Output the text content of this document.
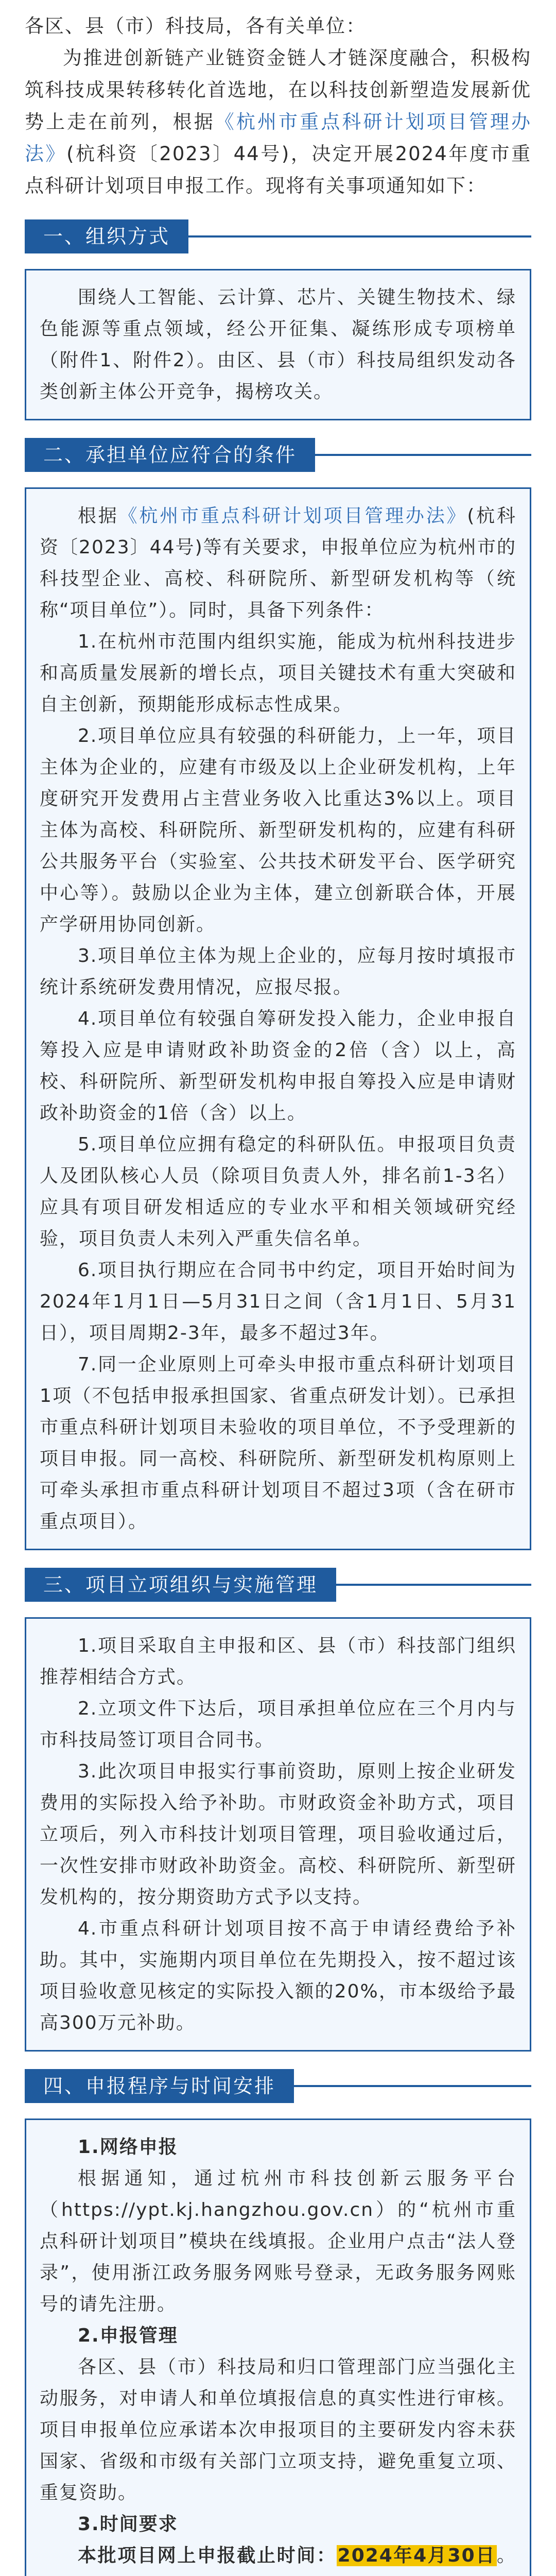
各区、县（市）科技局，各有关单位：

为推进创新链产业链资金链人才链深度融合，积极构筑科技成果转移转化首选地，在以科技创新塑造发展新优势上走在前列，根据《杭州市重点科研计划项目管理办法》(杭科资〔2023〕44号)，决定开展2024年度市重点科研计划项目申报工作。现将有关事项通知如下：

一、组织方式

围绕人工智能、云计算、芯片、关键生物技术、绿色能源等重点领域，经公开征集、凝练形成专项榜单（附件1、附件2）。由区、县（市）科技局组织发动各类创新主体公开竞争，揭榜攻关。

二、承担单位应符合的条件

根据《杭州市重点科研计划项目管理办法》(杭科资〔2023〕44号)等有关要求，申报单位应为杭州市的科技型企业、高校、科研院所、新型研发机构等（统称“项目单位”）。同时，具备下列条件：

1.在杭州市范围内组织实施，能成为杭州科技进步和高质量发展新的增长点，项目关键技术有重大突破和自主创新，预期能形成标志性成果。

2.项目单位应具有较强的科研能力，上一年，项目主体为企业的，应建有市级及以上企业研发机构，上年度研究开发费用占主营业务收入比重达3%以上。项目主体为高校、科研院所、新型研发机构的，应建有科研公共服务平台（实验室、公共技术研发平台、医学研究中心等）。鼓励以企业为主体，建立创新联合体，开展产学研用协同创新。

3.项目单位主体为规上企业的，应每月按时填报市统计系统研发费用情况，应报尽报。

4.项目单位有较强自筹研发投入能力，企业申报自筹投入应是申请财政补助资金的2倍（含）以上，高校、科研院所、新型研发机构申报自筹投入应是申请财政补助资金的1倍（含）以上。

5.项目单位应拥有稳定的科研队伍。申报项目负责人及团队核心人员（除项目负责人外，排名前1-3名）应具有项目研发相适应的专业水平和相关领域研究经验，项目负责人未列入严重失信名单。

6.项目执行期应在合同书中约定，项目开始时间为2024年1月1日—5月31日之间（含1月1日、5月31日），项目周期2-3年，最多不超过3年。

7.同一企业原则上可牵头申报市重点科研计划项目1项（不包括申报承担国家、省重点研发计划）。已承担市重点科研计划项目未验收的项目单位，不予受理新的项目申报。同一高校、科研院所、新型研发机构原则上可牵头承担市重点科研计划项目不超过3项（含在研市重点项目）。

三、项目立项组织与实施管理

1.项目采取自主申报和区、县（市）科技部门组织推荐相结合方式。

2.立项文件下达后，项目承担单位应在三个月内与市科技局签订项目合同书。

3.此次项目申报实行事前资助，原则上按企业研发费用的实际投入给予补助。市财政资金补助方式，项目立项后，列入市科技计划项目管理，项目验收通过后，一次性安排市财政补助资金。高校、科研院所、新型研发机构的，按分期资助方式予以支持。

4.市重点科研计划项目按不高于申请经费给予补助。其中，实施期内项目单位在先期投入，按不超过该项目验收意见核定的实际投入额的20%，市本级给予最高300万元补助。

四、申报程序与时间安排

1.网络申报

根据通知，通过杭州市科技创新云服务平台（https://ypt.kj.hangzhou.gov.cn）的“杭州市重点科研计划项目”模块在线填报。企业用户点击“法人登录”，使用浙江政务服务网账号登录，无政务服务网账号的请先注册。

2.申报管理

各区、县（市）科技局和归口管理部门应当强化主动服务，对申请人和单位填报信息的真实性进行审核。项目申报单位应承诺本次申报项目的主要研发内容未获国家、省级和市级有关部门立项支持，避免重复立项、重复资助。

3.时间要求

本批项目网上申报截止时间：2024年4月30日。
